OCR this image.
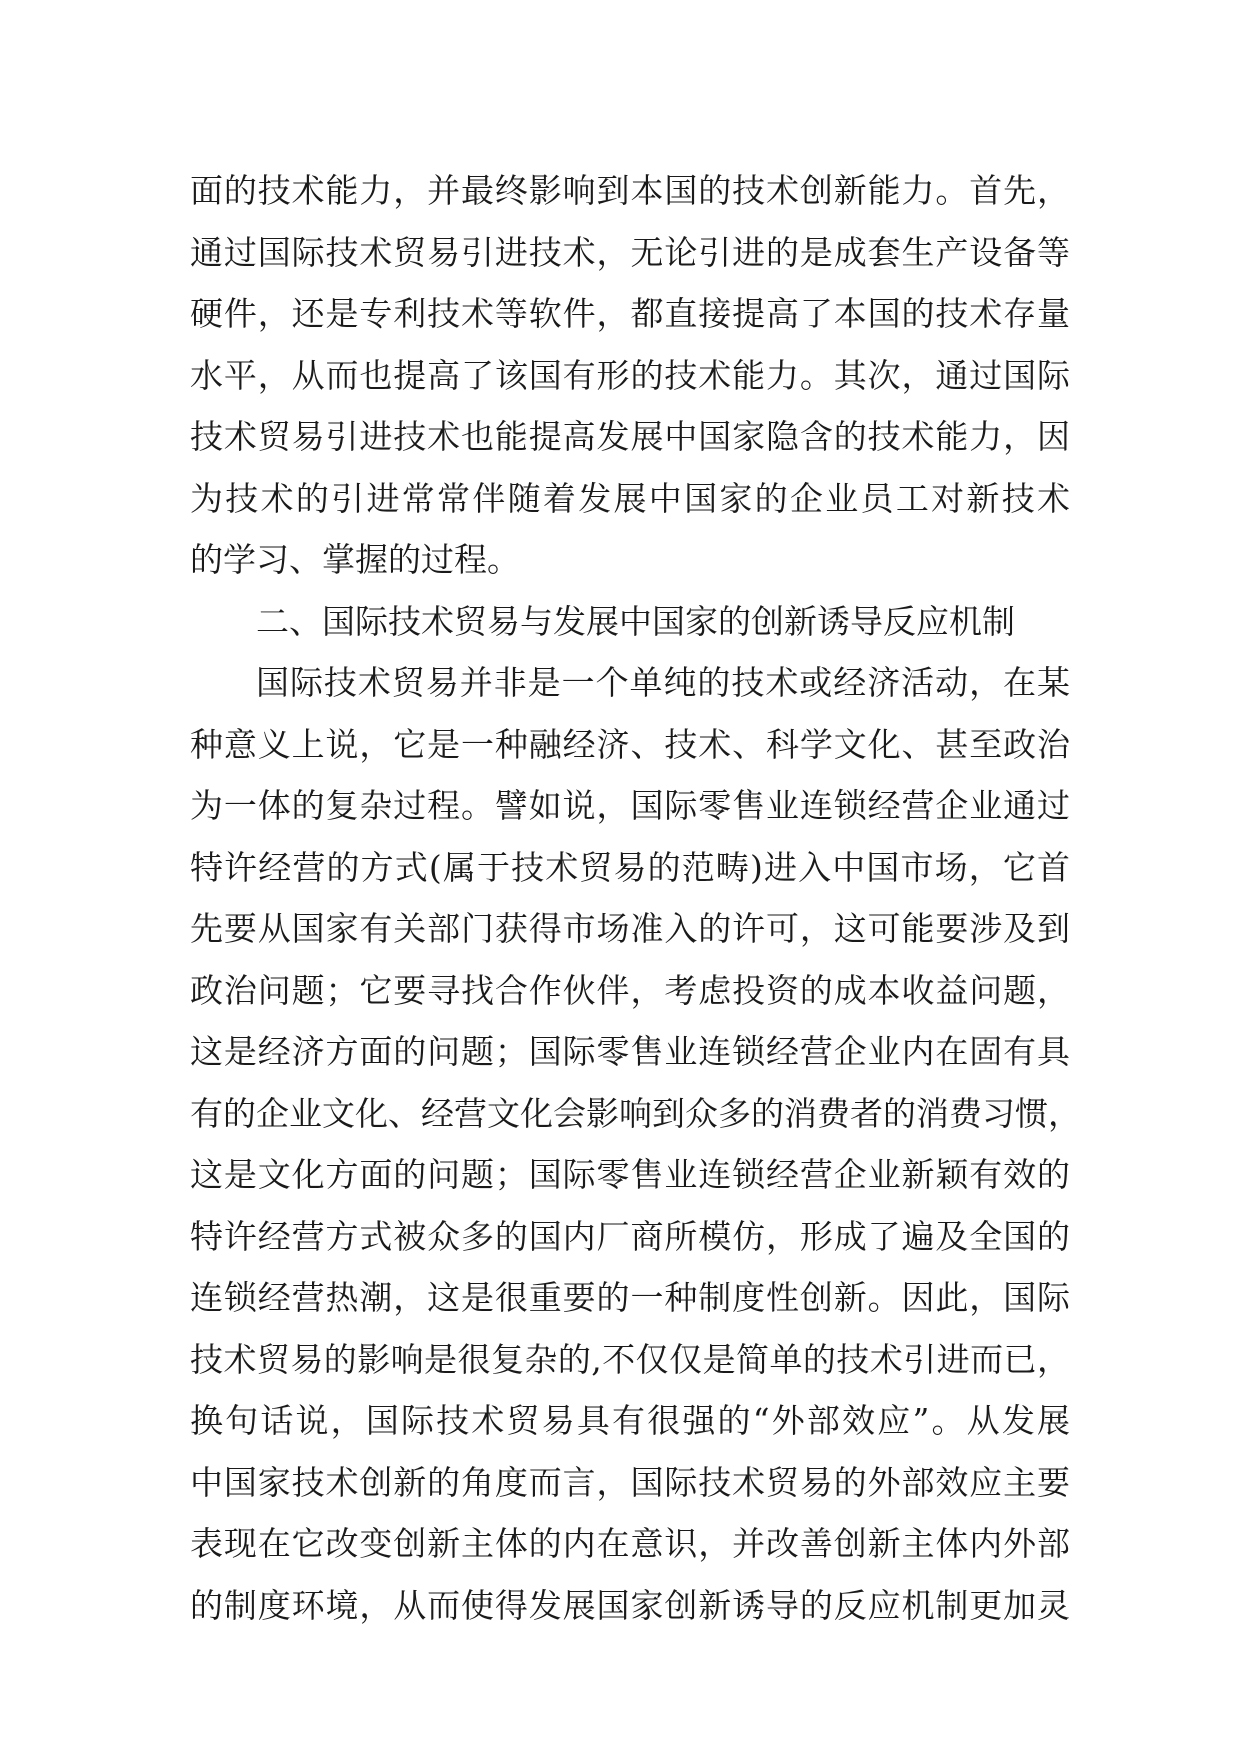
面的技术能力，并最终影响到本国的技术创新能力。首先，
通过国际技术贸易引进技术，无论引进的是成套生产设备等
硬件，还是专利技术等软件，都直接提高了本国的技术存量
水平，从而也提高了该国有形的技术能力。其次，通过国际
技术贸易引进技术也能提高发展中国家隐含的技术能力，因
为技术的引进常常伴随着发展中国家的企业员工对新技术
的学习、掌握的过程。
二、国际技术贸易与发展中国家的创新诱导反应机制
国际技术贸易并非是一个单纯的技术或经济活动，在某
种意义上说，它是一种融经济、技术、科学文化、甚至政治
为一体的复杂过程。譬如说，国际零售业连锁经营企业通过
特许经营的方式(属于技术贸易的范畴)进入中国市场，它首
先要从国家有关部门获得市场准入的许可，这可能要涉及到
政治问题；它要寻找合作伙伴，考虑投资的成本收益问题，
这是经济方面的问题；国际零售业连锁经营企业内在固有具
有的企业文化、经营文化会影响到众多的消费者的消费习惯，
这是文化方面的问题；国际零售业连锁经营企业新颖有效的
特许经营方式被众多的国内厂商所模仿，形成了遍及全国的
连锁经营热潮，这是很重要的一种制度性创新。因此，国际
技术贸易的影响是很复杂的,不仅仅是简单的技术引进而已，
换句话说，国际技术贸易具有很强的“外部效应”。从发展
中国家技术创新的角度而言，国际技术贸易的外部效应主要
表现在它改变创新主体的内在意识，并改善创新主体内外部
的制度环境，从而使得发展国家创新诱导的反应机制更加灵
